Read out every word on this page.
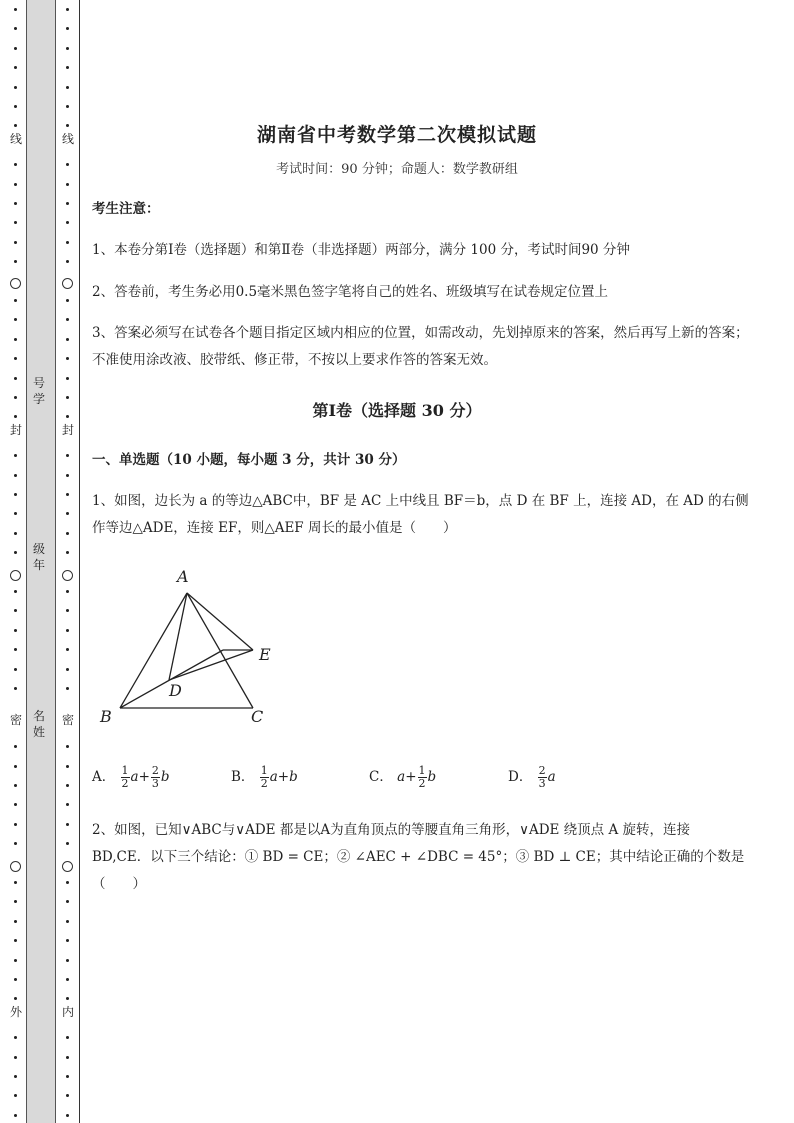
线
封
密
外
号
学
级
年
名
姓
线
封
密
内
湖南省中考数学第二次模拟试题
考试时间：90 分钟；命题人：数学教研组
考生注意：
1、本卷分第Ⅰ卷（选择题）和第Ⅱ卷（非选择题）两部分，满分 100 分，考试时间90 分钟
2、答卷前，考生务必用0.5毫米黑色签字笔将自己的姓名、班级填写在试卷规定位置上
3、答案必须写在试卷各个题目指定区域内相应的位置，如需改动，先划掉原来的答案，然后再写上新的答案；不准使用涂改液、胶带纸、修正带，不按以上要求作答的答案无效。
第Ⅰ卷（选择题 30 分）
一、单选题（10 小题，每小题 3 分，共计 30 分）
1、如图，边长为 a 的等边△ABC中，BF 是 AC 上中线且 BF＝b，点 D 在 BF 上，连接 AD，在 AD 的右侧作等边△ADE，连接 EF，则△AEF 周长的最小值是（　　）
A
B	C
D
E
A． $\frac{1}{2} a+ \frac{2}{3}$ b	B． $\frac{1}{2} a+b$	C． $a+ \frac{1}{2}$ b	D． $\frac{2}{3}$ a
2、如图，已知∨ABC与∨ADE 都是以A为直角顶点的等腰直角三角形，∨ADE 绕顶点 A 旋转，连接 BD,CE．以下三个结论：① BD = CE；② ∠AEC + ∠DBC = 45°；③ BD ⊥ CE；其中结论正确的个数是（　　）
